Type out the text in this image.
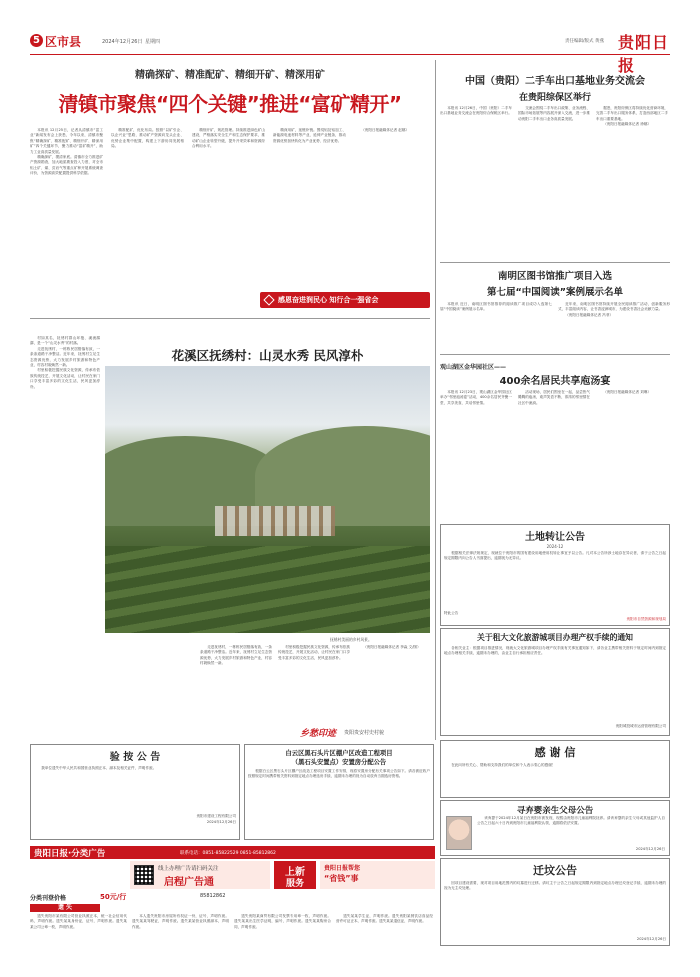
5 区市县	2024年12月26日 星期四	责任编辑/版式 黄燕 贵阳日报
精确探矿、精准配矿、精细开矿、精深用矿
清镇市聚焦“四个关键”推进“富矿精开”

本报讯 12月25日，记者从清镇市“富工业”新闻发布会上获悉，今年以来，清镇市聚焦“精确探矿、精准配矿、精细开矿、精深用矿”四个关键环节，聚力推动“富矿精开”，助力工业高质量发展。

精确探矿，摸清家底。清镇市全力推进矿产资源勘查，加大地质勘查投入力度，对全市铝土矿、煤、页岩气等重点矿种开展系统调查评价，为资源高效配置提供科学依据。

精准配矿，优化布局。按照“以矿引企、以企兴业”思路，推动矿产资源向龙头企业、优势企业集中配置，构建上下游协同发展格局。

精细开矿，规范管理。持续推进绿色矿山建设，严格落实安全生产和生态保护要求，推动矿山企业转型升级，提升开采效率和资源综合利用水平。

精深用矿，延链补链。围绕铝及铝加工、新能源电池材料等产业，延伸产业链条，推动资源优势加快转化为产业优势、经济优势。

（贵阳日报融媒体记者 赵娜）

感恩奋进润民心 知行合一强省会
花溪区抚绣村：山灵水秀 民风淳朴

村如其名，抚绣村群山环抱、溪流潺潺，是一个“山灵水秀”的村落。

走进抚绣村，一栋栋民居错落有致，一条条道路干净整洁。近年来，抚绣村立足生态资源优势，大力发展乡村旅游和特色产业，村容村貌焕然一新。

村里积极挖掘民族文化资源，传承布依族传统技艺，开展文化活动，让村民在家门口享受丰富多彩的文化生活，民风更加淳朴。

抚绣村美丽的乡村风景。

走进抚绣村，一栋栋民居错落有致，一条条道路干净整洁。近年来，抚绣村立足生态资源优势，大力发展乡村旅游和特色产业，村容村貌焕然一新。

村里积极挖掘民族文化资源，传承布依族传统技艺，开展文化活动，让村民在家门口享受丰富多彩的文化生活，民风更加淳朴。

（贵阳日报融媒体记者 李淼 文/图）

乡愁印迹 贵阳贵安村史村貌
中国（贵阳）二手车出口基地业务交流会
在贵阳综保区举行

本报讯 12月26日，中国（贵阳）二手车出口基地业务交流会在贵阳综合保税区举行。

交流会围绕二手车出口政策、业务流程、国际市场拓展等内容展开深入交流，进一步推动贵阳二手车出口业务高质量发展。

据悉，贵阳综保区将持续优化营商环境，完善二手车出口服务体系，打造西部地区二手车出口重要基地。

（贵阳日报融媒体记者 徐娜）

南明区图书馆推广项目入选
第七届“中国阅读”案例展示名单

本报讯 近日，南明区图书馆推荐的阅读推广项目成功入选第七届“中国阅读”案例展示名单。

近年来，南明区图书馆持续开展全民阅读推广活动，创新服务形式，丰富阅读内容，让书香浸润城市，为建设书香社会贡献力量。

（贵阳日报融媒体记者 冯菲）

观山湖区金华园社区——
400余名居民共享庖汤宴

本报讯 12月23日，观山湖区金华园社区举办“邻里庖汤宴”活动，400余名居民齐聚一堂，共享美食，共话邻里情。

活动现场，居民们围坐在一起，品尝热气腾腾的庖汤，欢声笑语不断，浓浓的邻里情在社区中流淌。

（贵阳日报融媒体记者 刘琳）

土地转让公告
2024-12

根据相关法律法规规定，现就位于贵阳市的国有建设用地使用权转让事宜予以公告。凡对本公告所涉土地存在异议者，请于公告之日起规定期限内向公告人书面提出，逾期视为无异议。

特此公告
贵阳市自然资源和规划局
关于租大文化旅游城项目办理产权手续的通知

各相关业主：根据项目推进情况，现就大文化旅游城项目办理产权手续有关事宜通知如下，请各业主携带相关资料于规定时间内到指定地点办理相关手续，逾期未办理的，由业主自行承担相应责任。

贵阳城投城市运营管理有限公司
验 按 公 告

我单位遗失中华人民共和国营业执照正本、副本及相关证件，声明作废。

贵阳市建设工程有限公司
2024年12月26日
白云区黑石头片区棚户区改造工程项目
（黑石头安置点）安置房分配公告

根据白云区黑石头片区棚户区改造工程项目安置工作安排，现将安置房分配有关事项公告如下。请各被征收户按照规定时间携带相关资料到指定地点办理选房手续，逾期未办理的视为自动放弃当期选房资格。

感 谢 信

在此向所有关心、帮助和支持我们的单位和个人表示衷心的感谢！

寻弃婴亲生父母公告

该弃婴于2024年12月某日在贵阳市被发现，现暂由贵阳市儿童福利院抚养。请该弃婴的亲生父母或其他监护人自公告之日起六十日内到贵阳市儿童福利院认领，逾期将依法安置。

2024年12月26日
迁坟公告

因项目建设需要，现对项目用地范围内的坟墓进行迁移。请坟主于公告之日起规定期限内到指定地点办理迁坟登记手续，逾期未办理的视为无主坟处理。

2024年12月26日
贵阳日报·分类广告	联系电话：0851-85822529 0851-85812862
线上办理广告请扫码关注
启程广告通
上新
服务
贵阳日报帮您
“省钱”事
分类刊登价格	50元/行	85812862
遗 失

遗失贵阳市某有限公司营业执照正本，统一社会信用代码，声明作废。遗失某某身份证，证号，声明作废。遗失某某公司公章一枚，声明作废。

本人遗失贵阳市房屋所有权证一份，证号，声明作废。遗失某某驾驶证，声明作废。遗失某某营业执照副本，声明作废。

遗失贵阳某商贸有限公司发票专用章一枚，声明作废。遗失某某出生医学证明，编号，声明作废。遗失某某购房合同，声明作废。

遗失某某学生证，声明作废。遗失贵阳某餐饮店食品经营许可证正本，声明作废。遗失某某退伍证，声明作废。
